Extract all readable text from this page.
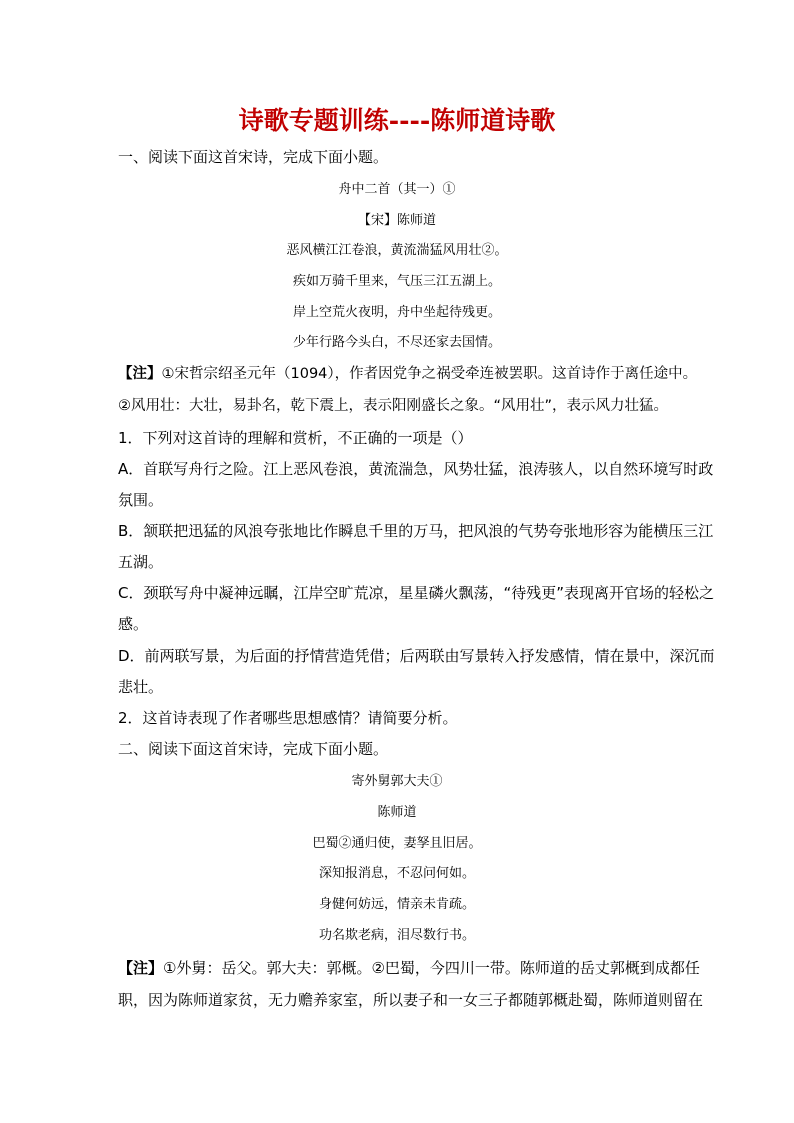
诗歌专题训练----陈师道诗歌
一、阅读下面这首宋诗，完成下面小题。
舟中二首（其一）①
【宋】陈师道
恶风横江江卷浪，黄流湍猛风用壮②。
疾如万骑千里来，气压三江五湖上。
岸上空荒火夜明，舟中坐起待残更。
少年行路今头白，不尽还家去国情。
【注】①宋哲宗绍圣元年（1094），作者因党争之祸受牵连被罢职。这首诗作于离任途中。
②风用壮：大壮，易卦名，乾下震上，表示阳刚盛长之象。“风用壮”，表示风力壮猛。
1．下列对这首诗的理解和赏析，不正确的一项是（）
A．首联写舟行之险。江上恶风卷浪，黄流湍急，风势壮猛，浪涛骇人，以自然环境写时政
氛围。
B．颔联把迅猛的风浪夸张地比作瞬息千里的万马，把风浪的气势夸张地形容为能横压三江
五湖。
C．颈联写舟中凝神远瞩，江岸空旷荒凉，星星磷火飘荡，“待残更”表现离开官场的轻松之
感。
D．前两联写景，为后面的抒情营造凭借；后两联由写景转入抒发感情，情在景中，深沉而
悲壮。
2．这首诗表现了作者哪些思想感情？请简要分析。
二、阅读下面这首宋诗，完成下面小题。
寄外舅郭大夫①
陈师道
巴蜀②通归使，妻孥且旧居。
深知报消息，不忍问何如。
身健何妨远，情亲未肯疏。
功名欺老病，泪尽数行书。
【注】①外舅：岳父。郭大夫：郭概。②巴蜀，今四川一带。陈师道的岳丈郭概到成都任
职，因为陈师道家贫，无力赡养家室，所以妻子和一女三子都随郭概赴蜀，陈师道则留在
